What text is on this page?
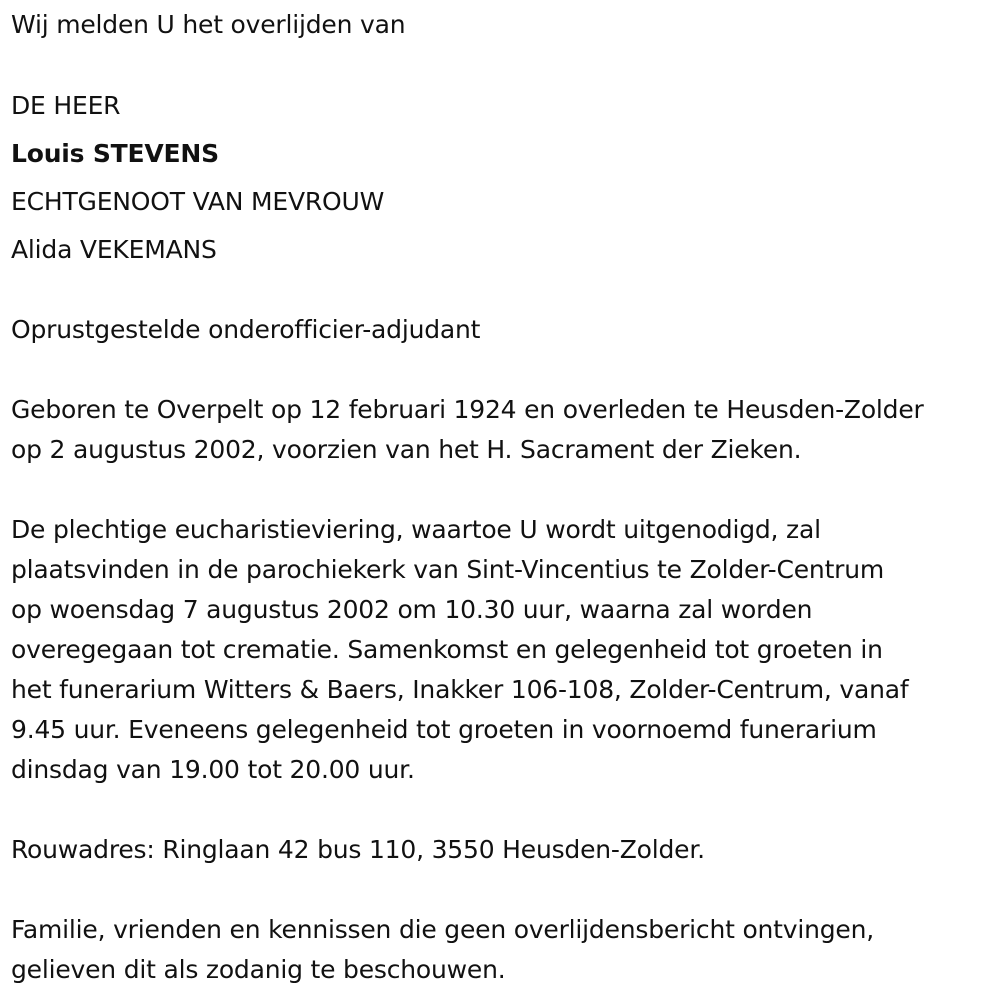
Wij melden U het overlijden van
DE HEER
Louis STEVENS
ECHTGENOOT VAN MEVROUW
Alida VEKEMANS
Oprustgestelde onderofficier-adjudant
Geboren te Overpelt op 12 februari 1924 en overleden te Heusden-Zolder
op 2 augustus 2002, voorzien van het H. Sacrament der Zieken.
De plechtige eucharistieviering, waartoe U wordt uitgenodigd, zal
plaatsvinden in de parochiekerk van Sint-Vincentius te Zolder-Centrum
op woensdag 7 augustus 2002 om 10.30 uur, waarna zal worden
overegegaan tot crematie. Samenkomst en gelegenheid tot groeten in
het funerarium Witters & Baers, Inakker 106-108, Zolder-Centrum, vanaf
9.45 uur. Eveneens gelegenheid tot groeten in voornoemd funerarium
dinsdag van 19.00 tot 20.00 uur.
Rouwadres: Ringlaan 42 bus 110, 3550 Heusden-Zolder.
Familie, vrienden en kennissen die geen overlijdensbericht ontvingen,
gelieven dit als zodanig te beschouwen.
